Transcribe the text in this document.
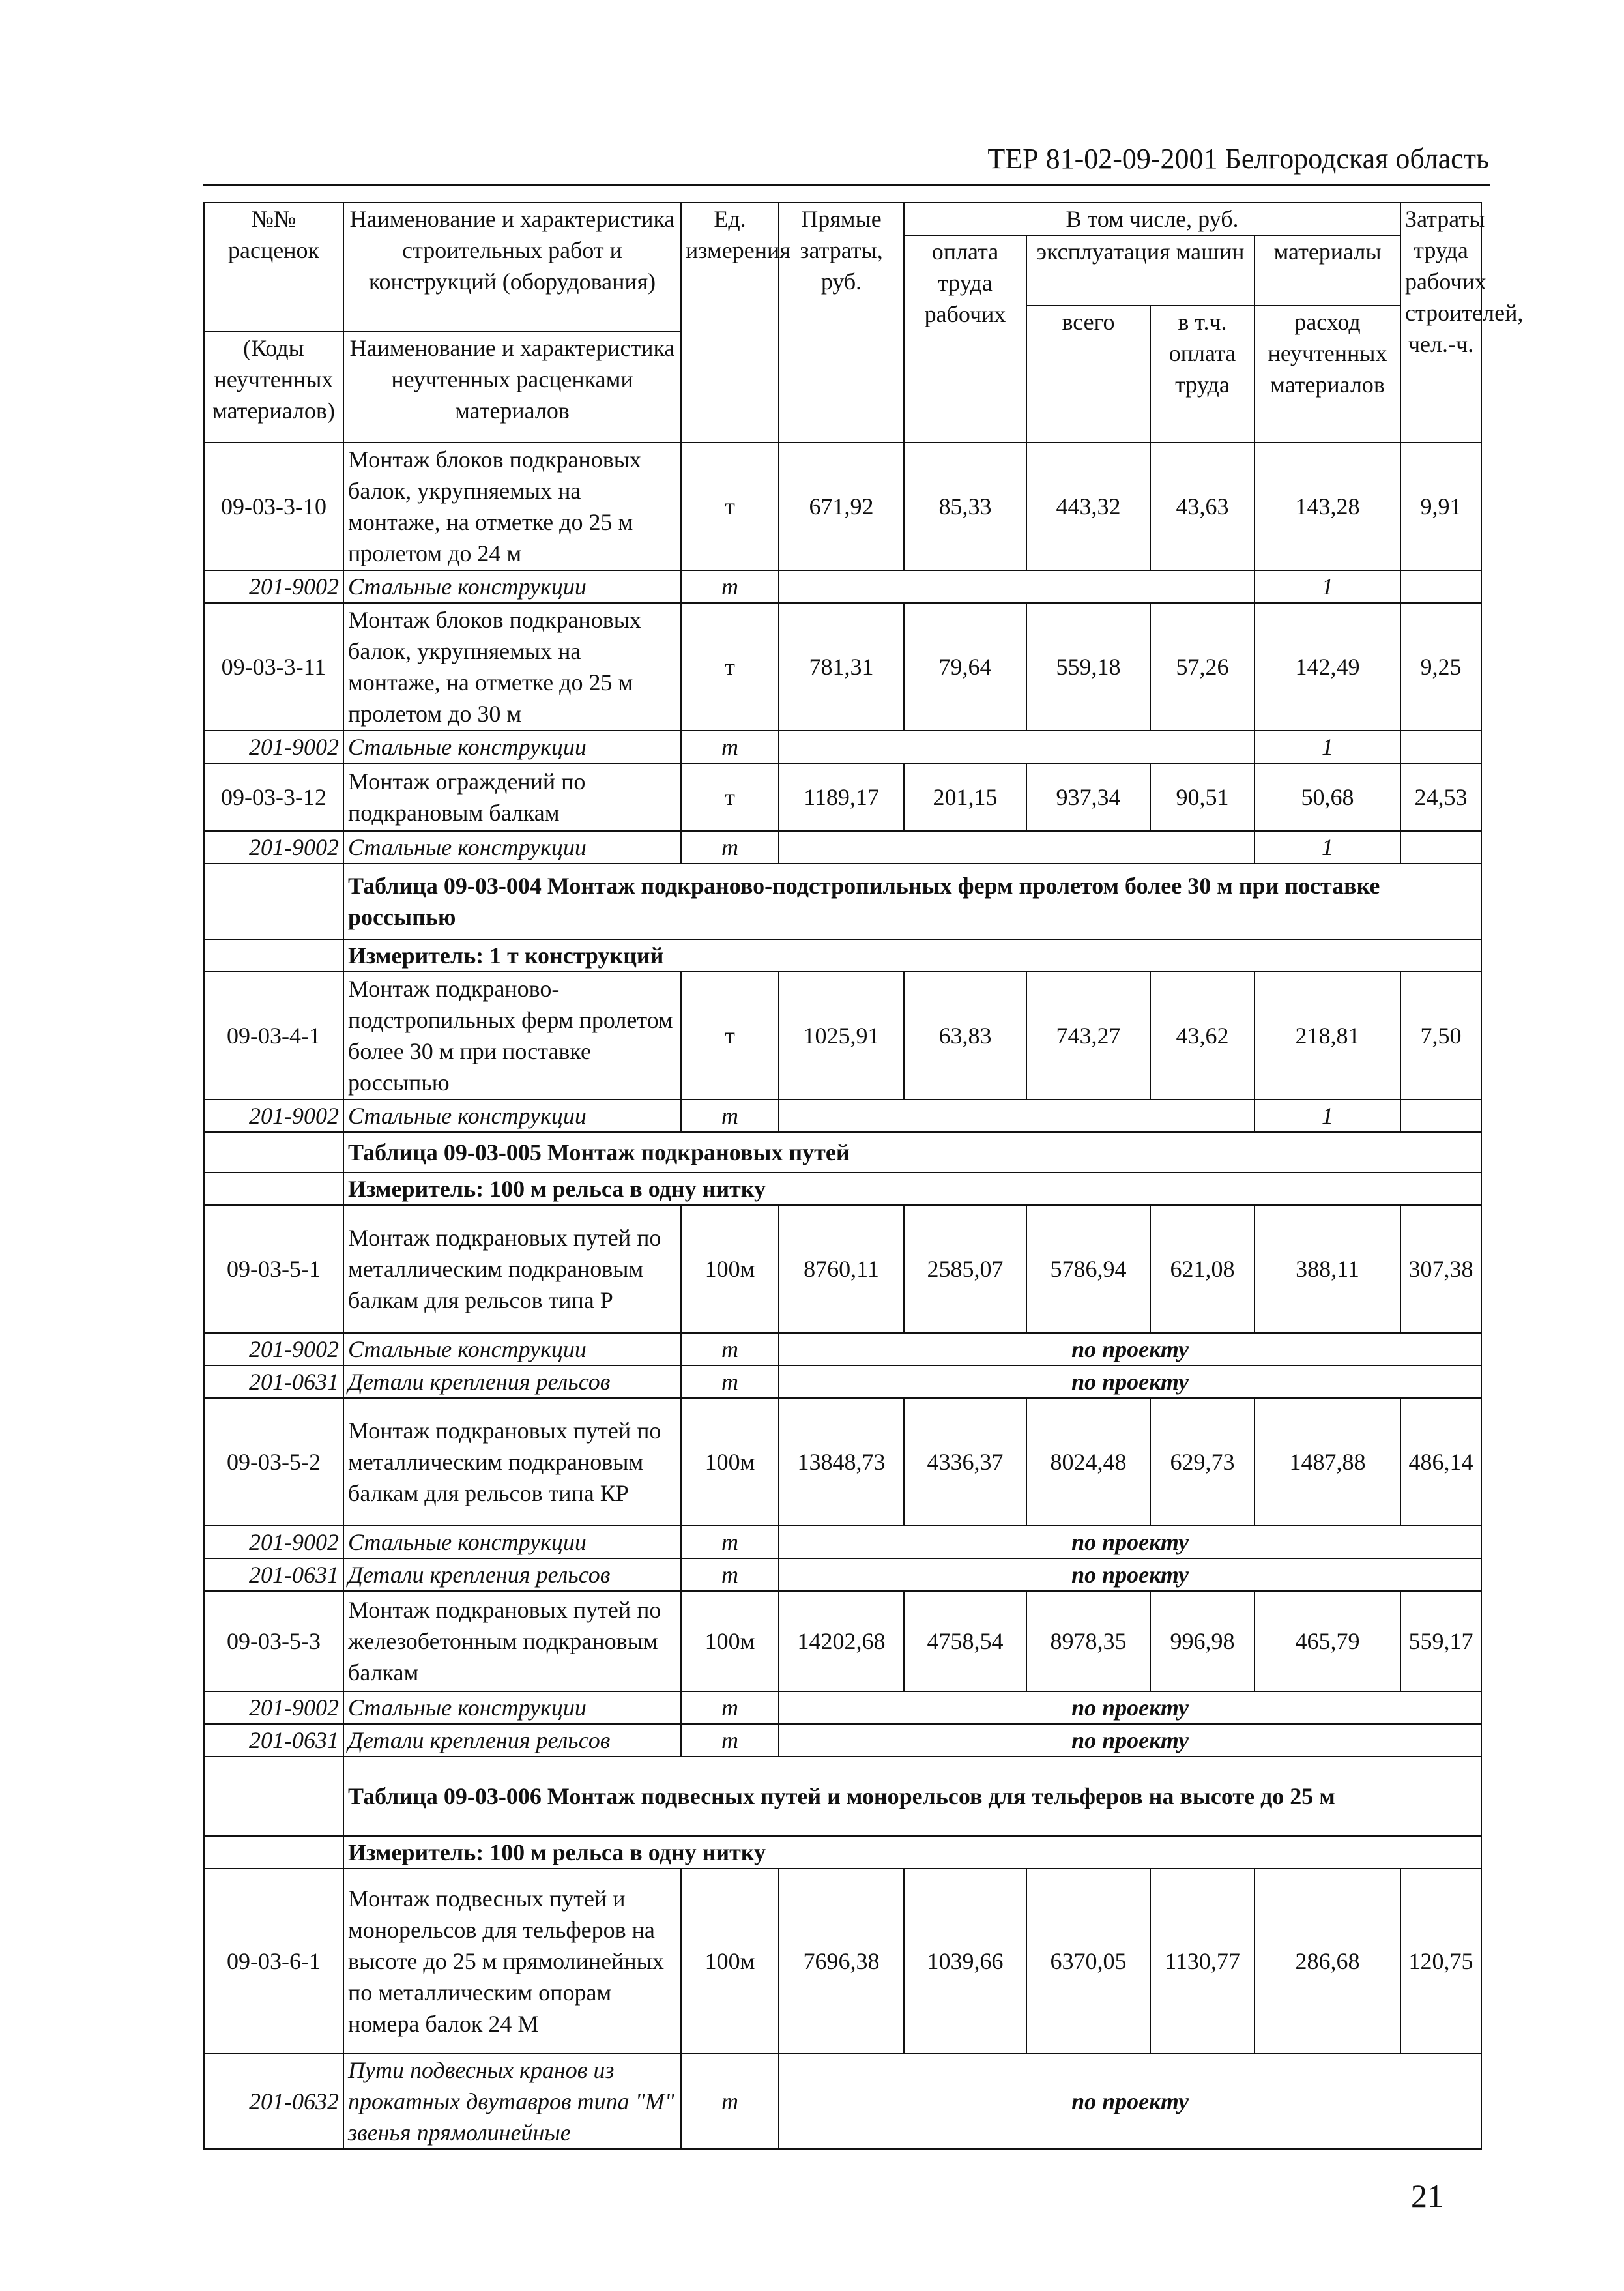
ТЕР 81-02-09-2001 Белгородская область
№№ расценок	Наименование и характеристика строительных работ и конструкций (оборудования)	Ед. измерения	Прямые затраты, руб.	В том числе, руб.				Затраты труда рабочих строителей, чел.-ч.
				оплата труда рабочих	эксплуатация машин		материалы	
					всего	в т.ч. оплата труда	расход неучтенных материалов	
(Коды неучтенных материалов)	Наименование и характеристика неучтенных расценками материалов							

09-03-3-10	Монтаж блоков подкрановых балок, укрупняемых на монтаже, на отметке до 25 м пролетом до 24 м	т	671,92	85,33	443,32	43,63	143,28	9,91
201-9002	Стальные конструкции	т					1	
09-03-3-11	Монтаж блоков подкрановых балок, укрупняемых на монтаже, на отметке до 25 м пролетом до 30 м	т	781,31	79,64	559,18	57,26	142,49	9,25
201-9002	Стальные конструкции	т					1	
09-03-3-12	Монтаж ограждений по подкрановым балкам	т	1189,17	201,15	937,34	90,51	50,68	24,53
201-9002	Стальные конструкции	т					1	
	Таблица 09-03-004 Монтаж подкраново-подстропильных ферм пролетом более 30 м при поставке россыпью							
	Измеритель: 1 т конструкций							
09-03-4-1	Монтаж подкраново-подстропильных ферм пролетом более 30 м при поставке россыпью	т	1025,91	63,83	743,27	43,62	218,81	7,50
201-9002	Стальные конструкции	т					1	
	Таблица 09-03-005 Монтаж подкрановых путей							
	Измеритель: 100 м рельса в одну нитку							
09-03-5-1	Монтаж подкрановых путей по металлическим подкрановым балкам для рельсов типа Р	100м	8760,11	2585,07	5786,94	621,08	388,11	307,38
201-9002	Стальные конструкции	т	по проекту					
201-0631	Детали крепления рельсов	т	по проекту					
09-03-5-2	Монтаж подкрановых путей по металлическим подкрановым балкам для рельсов типа КР	100м	13848,73	4336,37	8024,48	629,73	1487,88	486,14
201-9002	Стальные конструкции	т	по проекту					
201-0631	Детали крепления рельсов	т	по проекту					
09-03-5-3	Монтаж подкрановых путей по железобетонным подкрановым балкам	100м	14202,68	4758,54	8978,35	996,98	465,79	559,17
201-9002	Стальные конструкции	т	по проекту					
201-0631	Детали крепления рельсов	т	по проекту					
	Таблица 09-03-006 Монтаж подвесных путей и монорельсов для тельферов на высоте до 25 м							
	Измеритель: 100 м рельса в одну нитку							
09-03-6-1	Монтаж подвесных путей и монорельсов для тельферов на высоте до 25 м прямолинейных по металлическим опорам номера балок 24 М	100м	7696,38	1039,66	6370,05	1130,77	286,68	120,75
201-0632	Пути подвесных кранов из прокатных двутавров типа "М" звенья прямолинейные	т	по проекту					
21
